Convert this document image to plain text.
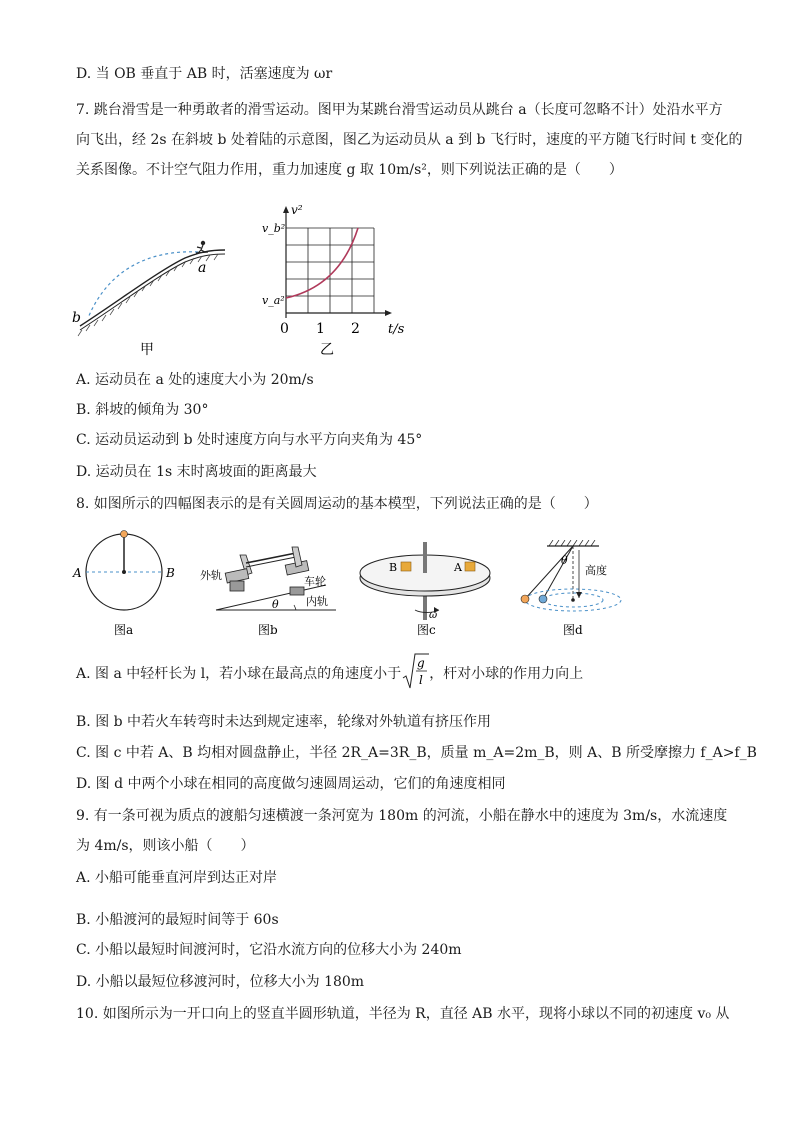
D. 当 OB 垂直于 AB 时，活塞速度为 ωr
7. 跳台滑雪是一种勇敢者的滑雪运动。图甲为某跳台滑雪运动员从跳台 a（长度可忽略不计）处沿水平方
向飞出，经 2s 在斜坡 b 处着陆的示意图，图乙为运动员从 a 到 b 飞行时，速度的平方随飞行时间 t 变化的
关系图像。不计空气阻力作用，重力加速度 g 取 10m/s²，则下列说法正确的是（　　）
a
b
甲
v²
v_b²
v_a²
0 1 2 t/s
乙
A. 运动员在 a 处的速度大小为 20m/s
B. 斜坡的倾角为 30°
C. 运动员运动到 b 处时速度方向与水平方向夹角为 45°
D. 运动员在 1s 末时离坡面的距离最大
8. 如图所示的四幅图表示的是有关圆周运动的基本模型，下列说法正确的是（　　）
A	B
图a
外轨	车轮
内轨
θ
图b
B	A
ω
图c
θ
高度
图d
A. 图 a 中轻杆长为 l，若小球在最高点的角速度小于
g
l ，杆对小球的作用力向上
B. 图 b 中若火车转弯时未达到规定速率，轮缘对外轨道有挤压作用
C. 图 c 中若 A、B 均相对圆盘静止，半径 2R_A=3R_B，质量 m_A=2m_B，则 A、B 所受摩擦力 f_A>f_B
D. 图 d 中两个小球在相同的高度做匀速圆周运动，它们的角速度相同
9. 有一条可视为质点的渡船匀速横渡一条河宽为 180m 的河流，小船在静水中的速度为 3m/s，水流速度
为 4m/s，则该小船（　　）
A. 小船可能垂直河岸到达正对岸
B. 小船渡河的最短时间等于 60s
C. 小船以最短时间渡河时，它沿水流方向的位移大小为 240m
D. 小船以最短位移渡河时，位移大小为 180m
10. 如图所示为一开口向上的竖直半圆形轨道，半径为 R，直径 AB 水平，现将小球以不同的初速度 v₀ 从
